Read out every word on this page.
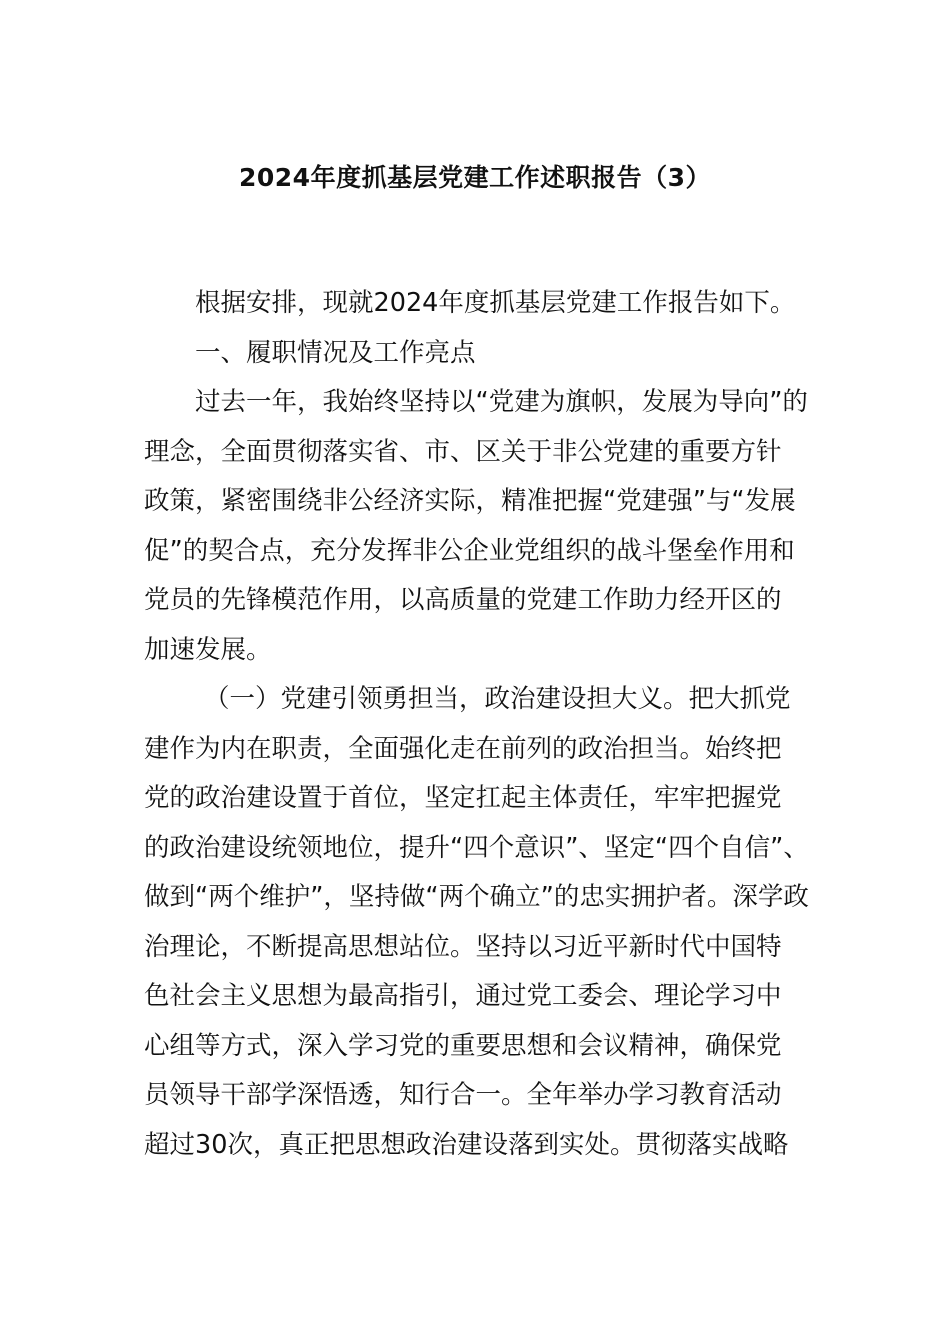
2024年度抓基层党建工作述职报告（3）
根据安排，现就2024年度抓基层党建工作报告如下。
一、履职情况及工作亮点
过去一年，我始终坚持以“党建为旗帜，发展为导向”的
理念，全面贯彻落实省、市、区关于非公党建的重要方针
政策，紧密围绕非公经济实际，精准把握“党建强”与“发展
促”的契合点，充分发挥非公企业党组织的战斗堡垒作用和
党员的先锋模范作用，以高质量的党建工作助力经开区的
加速发展。
（一）党建引领勇担当，政治建设担大义。把大抓党
建作为内在职责，全面强化走在前列的政治担当。始终把
党的政治建设置于首位，坚定扛起主体责任，牢牢把握党
的政治建设统领地位，提升“四个意识”、坚定“四个自信”、
做到“两个维护”，坚持做“两个确立”的忠实拥护者。深学政
治理论，不断提高思想站位。坚持以习近平新时代中国特
色社会主义思想为最高指引，通过党工委会、理论学习中
心组等方式，深入学习党的重要思想和会议精神，确保党
员领导干部学深悟透，知行合一。全年举办学习教育活动
超过30次，真正把思想政治建设落到实处。贯彻落实战略
